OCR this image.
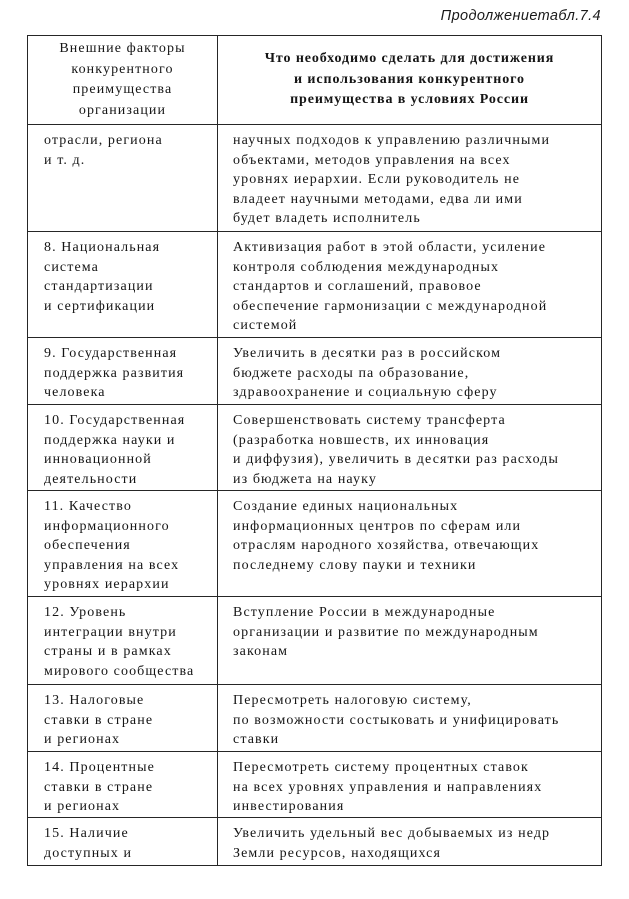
Продолжениетабл.7.4
Внешние факторы
конкурентного
преимущества
организации
Что необходимо сделать для достижения
и использования конкурентного
преимущества в условиях России
отрасли, региона
и т. д.
научных подходов к управлению различными
объектами, методов управления на всех
уровнях иерархии. Если руководитель не
владеет научными методами, едва ли ими
будет владеть исполнитель
8. Национальная
система
стандартизации
и сертификации
Активизация работ в этой области, усиление
контроля соблюдения международных
стандартов и соглашений, правовое
обеспечение гармонизации с международной
системой
9. Государственная
поддержка развития
человека
Увеличить в десятки раз в российском
бюджете расходы па образование,
здравоохранение и социальную сферу
10. Государственная
поддержка науки и
инновационной
деятельности
Совершенствовать систему трансферта
(разработка новшеств, их инновация
и диффузия), увеличить в десятки раз расходы
из бюджета на науку
11. Качество
информационного
обеспечения
управления на всех
уровнях иерархии
Создание единых национальных
информационных центров по сферам или
отраслям народного хозяйства, отвечающих
последнему слову пауки и техники
12. Уровень
интеграции внутри
страны и в рамках
мирового сообщества
Вступление России в международные
организации и развитие по международным
законам
13. Налоговые
ставки в стране
и регионах
Пересмотреть налоговую систему,
по возможности состыковать и унифицировать
ставки
14. Процентные
ставки в стране
и регионах
Пересмотреть систему процентных ставок
на всех уровнях управления и направлениях
инвестирования
15. Наличие
доступных и
Увеличить удельный вес добываемых из недр
Земли ресурсов, находящихся
